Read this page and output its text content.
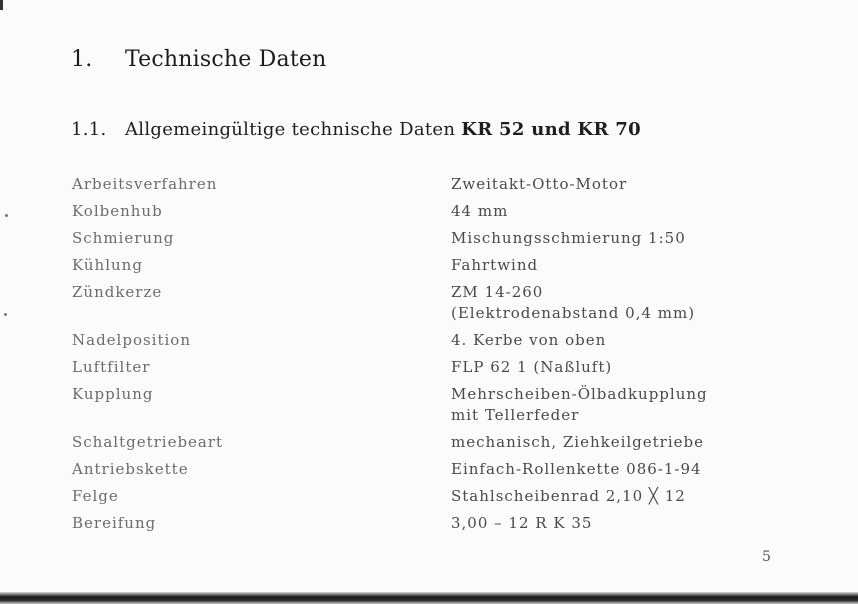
1. Technische Daten
1.1. Allgemeingültige technische Daten KR 52 und KR 70
Arbeitsverfahren	Zweitakt-Otto-Motor
Kolbenhub	44 mm
Schmierung	Mischungsschmierung 1:50
Kühlung	Fahrtwind
Zündkerze	ZM 14-260
(Elektrodenabstand 0,4 mm)
Nadelposition	4. Kerbe von oben
Luftfilter	FLP 62 1 (Naßluft)
Kupplung	Mehrscheiben-Ölbadkupplung
mit Tellerfeder
Schaltgetriebeart	mechanisch, Ziehkeilgetriebe
Antriebskette	Einfach-Rollenkette 086-1-94
Felge	Stahlscheibenrad 2,10 ╳ 12
Bereifung	3,00 – 12 R K 35
5
